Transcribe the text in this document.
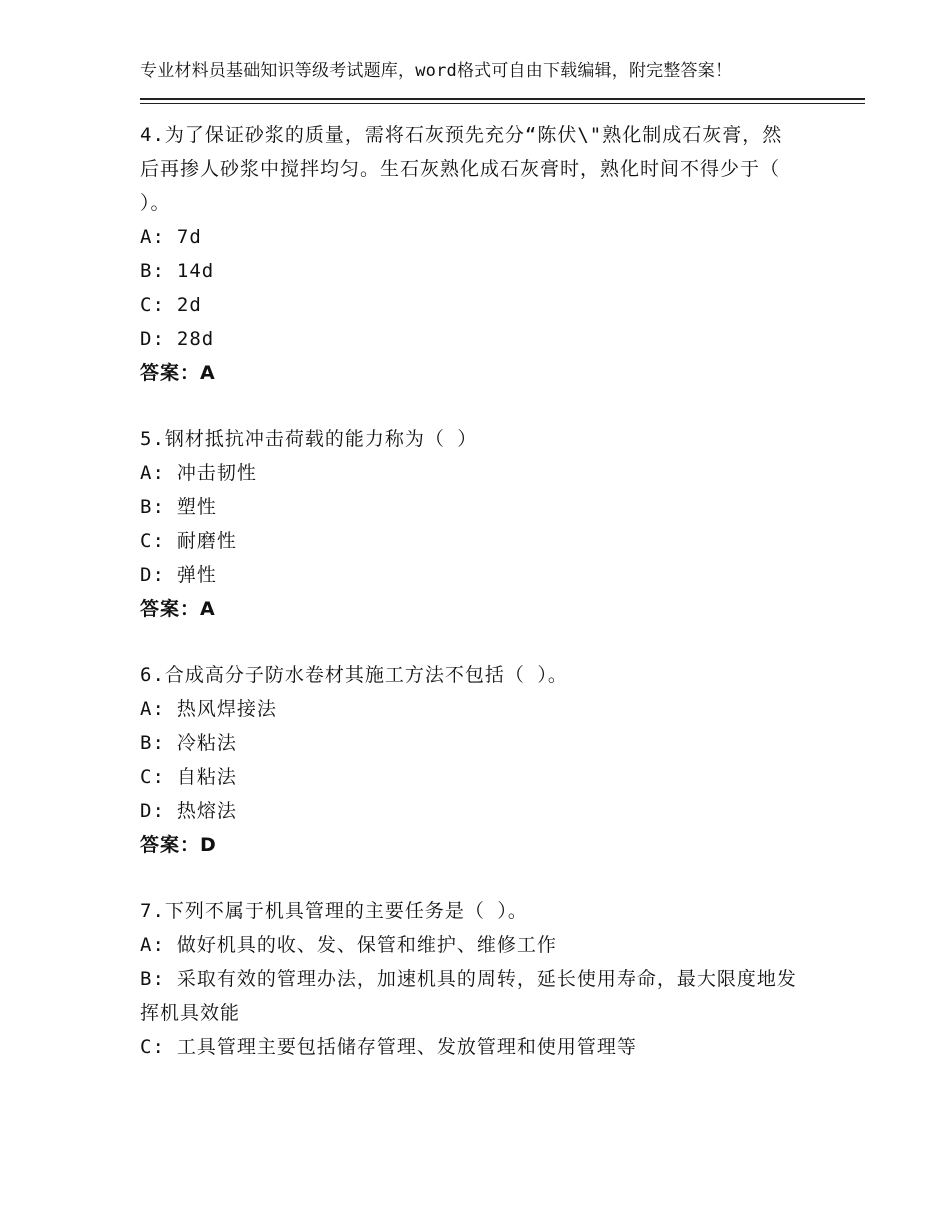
专业材料员基础知识等级考试题库，word格式可自由下载编辑，附完整答案！
4.为了保证砂浆的质量，需将石灰预先充分“陈伏\"熟化制成石灰膏，然后再掺人砂浆中搅拌均匀。生石灰熟化成石灰膏时，熟化时间不得少于（ ）。
A: 7d
B: 14d
C: 2d
D: 28d
答案：A
5.钢材抵抗冲击荷载的能力称为（ ）
A: 冲击韧性
B: 塑性
C: 耐磨性
D: 弹性
答案：A
6.合成高分子防水卷材其施工方法不包括（ ）。
A: 热风焊接法
B: 冷粘法
C: 自粘法
D: 热熔法
答案：D
7.下列不属于机具管理的主要任务是（ ）。
A: 做好机具的收、发、保管和维护、维修工作
B: 采取有效的管理办法，加速机具的周转，延长使用寿命，最大限度地发挥机具效能
C: 工具管理主要包括储存管理、发放管理和使用管理等
